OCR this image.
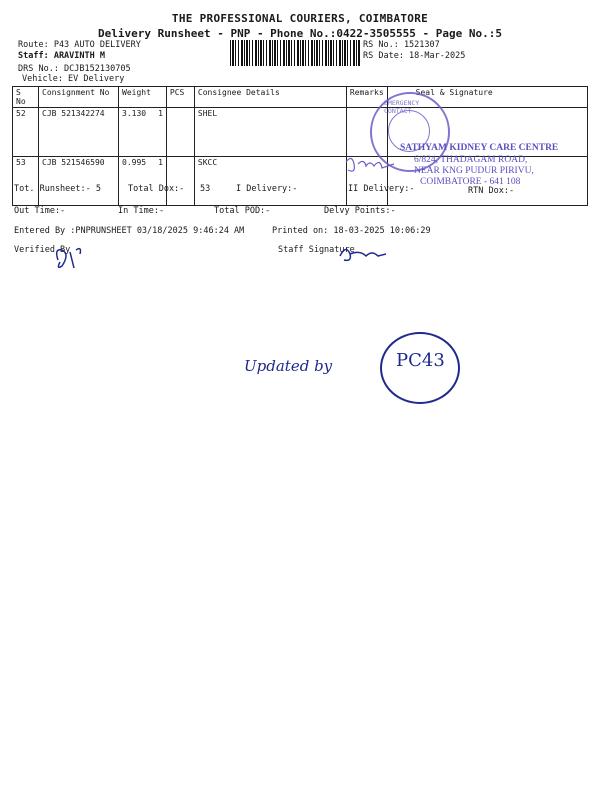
THE PROFESSIONAL COURIERS, COIMBATORE
Delivery Runsheet - PNP - Phone No.:0422-3505555 - Page No.:5
Route: P43 AUTO DELIVERY
Staff: ARAVINTH M
DRS No.: DCJB152130705
Vehicle: EV Delivery
RS No.: 1521307
RS Date: 18-Mar-2025
S No	Consignment No	Weight	PCS	Consignee Details	Remarks	Seal & Signature
52	CJB 521342274	3.130 1		SHEL		
53	CJB 521546590	0.995 1		SKCC		
EMERGENCY CONTACT
SATHYAM KIDNEY CARE CENTRE
6/824, THADAGAM ROAD,
NEAR KNG PUDUR PIRIVU,
COIMBATORE - 641 108
Tot. Runsheet:- 5	Total Dox:- 53	I Delivery:-	II Delivery:-	RTN Dox:-
Out Time:-	In Time:-	Total POD:-	Delvy Points:-
Entered By :PNPRUNSHEET 03/18/2025 9:46:24 AM	Printed on: 18-03-2025 10:06:29
Verified By	Staff Signature
Updated by	PC43
